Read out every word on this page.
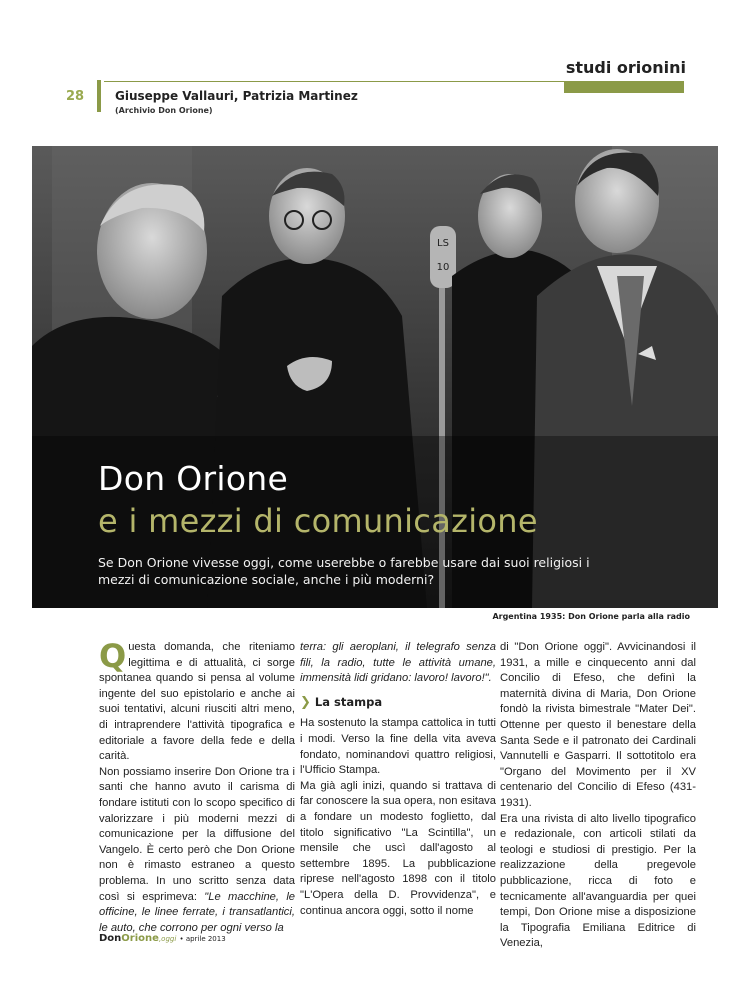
studi orionini
28	Giuseppe Vallauri, Patrizia Martinez
(Archivio Don Orione)
LS
10
Don Orione
e i mezzi di comunicazione
Se Don Orione vivesse oggi, come userebbe o farebbe usare dai suoi religiosi i mezzi di comunicazione sociale, anche i più moderni?
Argentina 1935: Don Orione parla alla radio

Questa domanda, che riteniamo legittima e di attualità, ci sorge spontanea quando si pensa al volume ingente del suo epistolario e anche ai suoi tentativi, alcuni riusciti altri meno, di intraprendere l'attività tipografica e editoriale a favore della fede e della carità.

Non possiamo inserire Don Orione tra i santi che hanno avuto il carisma di fondare istituti con lo scopo specifico di valorizzare i più moderni mezzi di comunicazione per la diffusione del Vangelo. È certo però che Don Orione non è rimasto estraneo a questo problema. In uno scritto senza data così si esprimeva: "Le macchine, le officine, le linee ferrate, i transatlantici, le auto, che corrono per ogni verso la

terra: gli aeroplani, il telegrafo senza fili, la radio, tutte le attività umane, immensità lidi gridano: lavoro! lavoro!".

❯ La stampa

Ha sostenuto la stampa cattolica in tutti i modi. Verso la fine della vita aveva fondato, nominandovi quattro religiosi, l'Ufficio Stampa.

Ma già agli inizi, quando si trattava di far conoscere la sua opera, non esitava a fondare un modesto foglietto, dal titolo significativo "La Scintilla", un mensile che uscì dall'agosto al settembre 1895. La pubblicazione riprese nell'agosto 1898 con il titolo "L'Opera della D. Provvidenza", e continua ancora oggi, sotto il nome

di "Don Orione oggi". Avvicinandosi il 1931, a mille e cinquecento anni dal Concilio di Efeso, che definì la maternità divina di Maria, Don Orione fondò la rivista bimestrale "Mater Dei". Ottenne per questo il benestare della Santa Sede e il patronato dei Cardinali Vannutelli e Gasparri. Il sottotitolo era "Organo del Movimento per il XV centenario del Concilio di Efeso (431-1931).

Era una rivista di alto livello tipografico e redazionale, con articoli stilati da teologi e studiosi di prestigio. Per la realizzazione della pregevole pubblicazione, ricca di foto e tecnicamente all'avanguardia per quei tempi, Don Orione mise a disposizione la Tipografia Emiliana Editrice di Venezia,

DonOrione,oggi • aprile 2013
